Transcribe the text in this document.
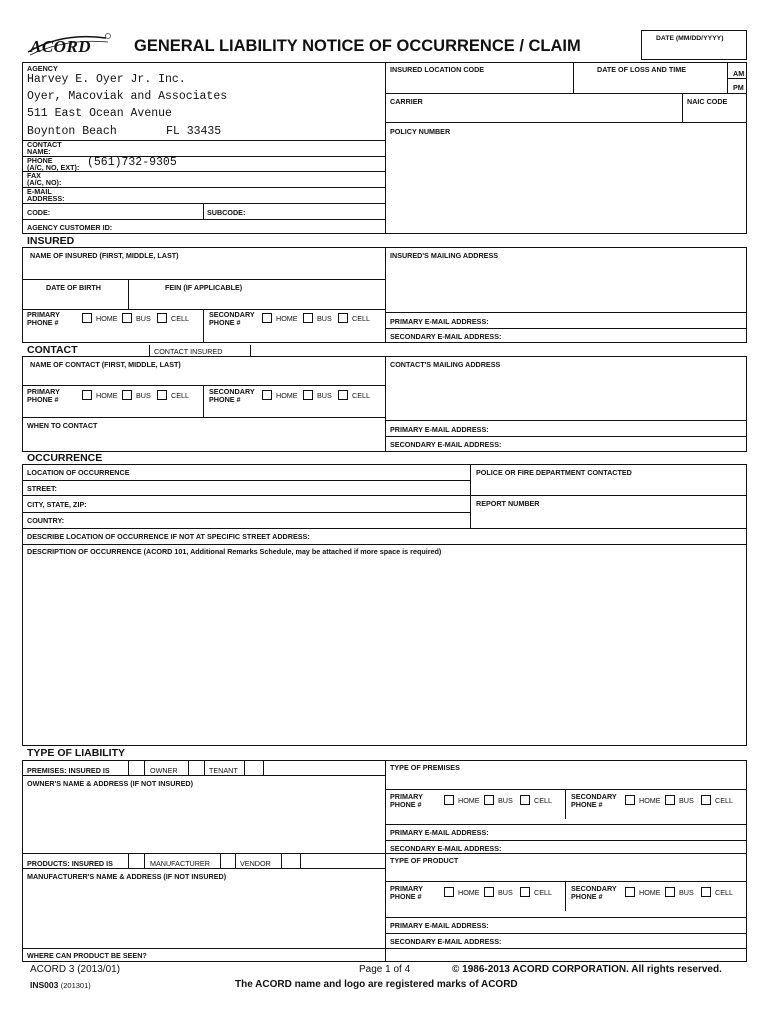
ACORD	GENERAL LIABILITY NOTICE OF OCCURRENCE / CLAIM	DATE (MM/DD/YYYY)
AGENCY
Harvey E. Oyer Jr. Inc.
Oyer, Macoviak and Associates
511 East Ocean Avenue
Boynton Beach	FL 33435
CONTACT
NAME:
PHONE
(A/C, NO, EXT): (561)732-9305
FAX
(A/C, NO):
E-MAIL
ADDRESS:
CODE:	SUBCODE:
AGENCY CUSTOMER ID:
INSURED LOCATION CODE	DATE OF LOSS AND TIME	AM
PM
CARRIER	NAIC CODE
POLICY NUMBER
INSURED
NAME OF INSURED (FIRST, MIDDLE, LAST)	INSURED'S MAILING ADDRESS
DATE OF BIRTH	FEIN (IF APPLICABLE)
PRIMARY
PHONE #	HOME	BUS	CELL	SECONDARY
PHONE #	HOME	BUS	CELL	PRIMARY E-MAIL ADDRESS:
SECONDARY E-MAIL ADDRESS:
CONTACT	CONTACT INSURED
NAME OF CONTACT (FIRST, MIDDLE, LAST)	CONTACT'S MAILING ADDRESS
PRIMARY
PHONE #	HOME	BUS	CELL	SECONDARY
PHONE #	HOME	BUS	CELL
WHEN TO CONTACT	PRIMARY E-MAIL ADDRESS:
SECONDARY E-MAIL ADDRESS:
OCCURRENCE
LOCATION OF OCCURRENCE	POLICE OR FIRE DEPARTMENT CONTACTED
STREET:
CITY, STATE, ZIP:	REPORT NUMBER
COUNTRY:
DESCRIBE LOCATION OF OCCURRENCE IF NOT AT SPECIFIC STREET ADDRESS:
DESCRIPTION OF OCCURRENCE (ACORD 101, Additional Remarks Schedule, may be attached if more space is required)
TYPE OF LIABILITY
PREMISES: INSURED IS	OWNER	TENANT	TYPE OF PREMISES
OWNER'S NAME & ADDRESS (IF NOT INSURED)
PRIMARY
PHONE #	HOME	BUS	CELL	SECONDARY
PHONE #	HOME	BUS	CELL
PRIMARY E-MAIL ADDRESS:
SECONDARY E-MAIL ADDRESS:
PRODUCTS: INSURED IS	MANUFACTURER	VENDOR	TYPE OF PRODUCT
MANUFACTURER'S NAME & ADDRESS (IF NOT INSURED)
PRIMARY
PHONE #	HOME	BUS	CELL	SECONDARY
PHONE #	HOME	BUS	CELL
PRIMARY E-MAIL ADDRESS:
SECONDARY E-MAIL ADDRESS:
WHERE CAN PRODUCT BE SEEN?
ACORD 3 (2013/01)	Page 1 of 4	© 1986-2013 ACORD CORPORATION. All rights reserved.
INS003 (201301)	The ACORD name and logo are registered marks of ACORD
